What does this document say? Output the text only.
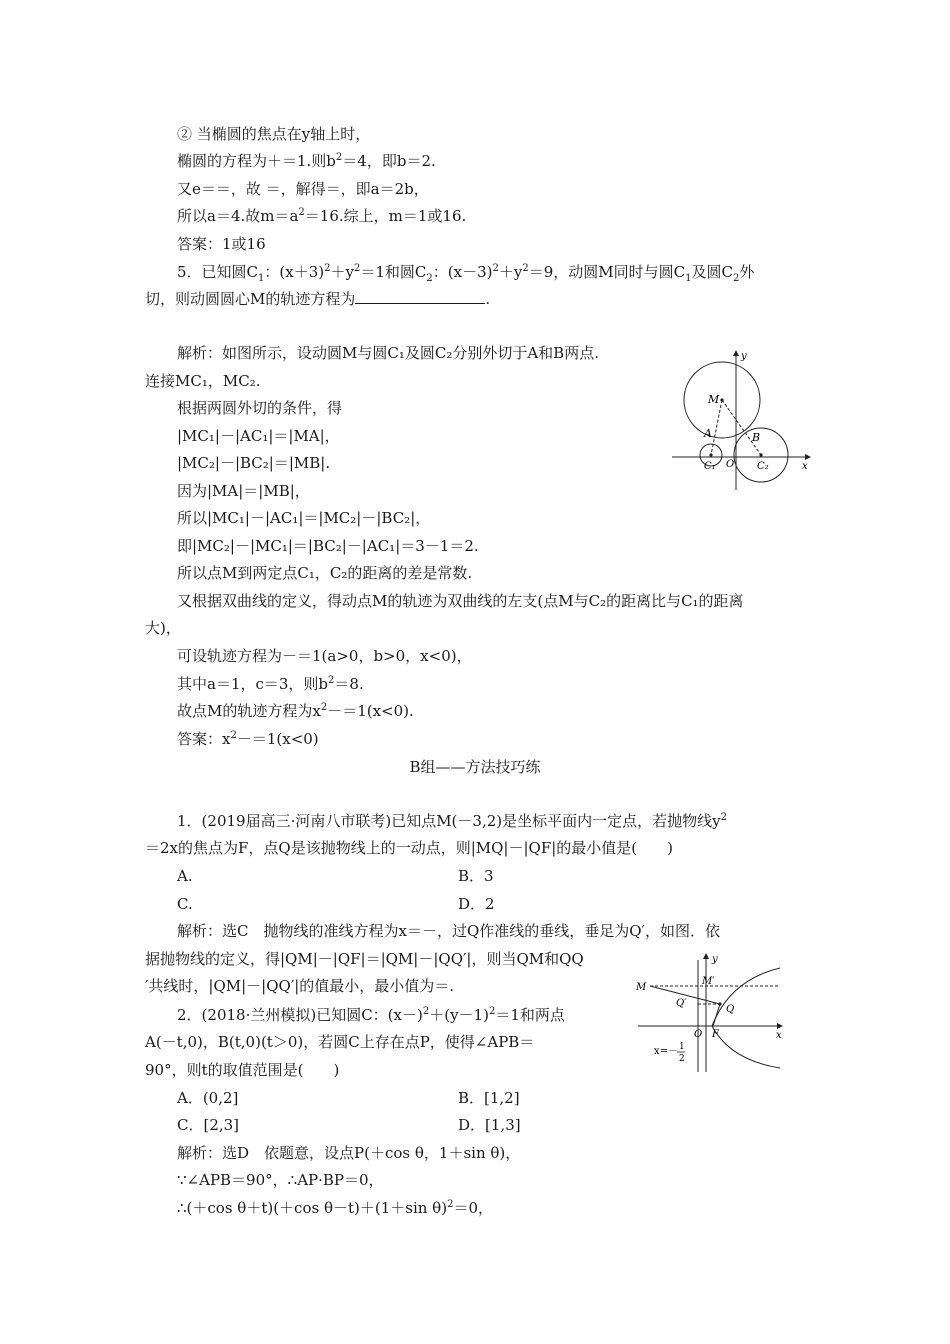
② 当椭圆的焦点在y轴上时，
椭圆的方程为＋＝1.则$b^2=4$，即b＝2.
又e＝＝，故 ＝，解得＝，即a＝2b，
所以a＝4.故$m=a^2=16$.综上，m＝1或16.
答案：1或16
5．已知圆$C_1$：$(x+3)^2+y^2=1$和圆$C_2$：$(x-3)^2+y^2=9$，动圆M同时与圆$C_1$及圆$C_2$外
切，则动圆圆心M的轨迹方程为	.
解析：如图所示，设动圆M与圆C₁及圆C₂分别外切于A和B两点.
连接MC₁，MC₂.
根据两圆外切的条件，得
|MC₁|－|AC₁|＝|MA|，
|MC₂|－|BC₂|＝|MB|.
因为|MA|＝|MB|，
所以|MC₁|－|AC₁|＝|MC₂|－|BC₂|，
即|MC₂|－|MC₁|＝|BC₂|－|AC₁|＝3－1＝2.
所以点M到两定点C₁，C₂的距离的差是常数.
又根据双曲线的定义，得动点M的轨迹为双曲线的左支(点M与C₂的距离比与C₁的距离
大)，
可设轨迹方程为－＝1(a>0，b>0，x<0)，
其中a＝1，c＝3，则$b^2=8$.
故点M的轨迹方程为$x^2-=1(x<0)$.
答案：$x^2-=1(x<0)$
y
x
M
A	B
O
C₁	C₂
B组——方法技巧练
1．(2019届高三·河南八市联考)已知点M(－3,2)是坐标平面内一定点，若抛物线$y^2$
＝2x的焦点为F，点Q是该抛物线上的一动点，则|MQ|－|QF|的最小值是(　　)
A.	B．3
C.	D．2
解析：选C　抛物线的准线方程为x＝－，过Q作准线的垂线，垂足为Q′，如图．依
据抛物线的定义，得|QM|－|QF|＝|QM|－|QQ′|，则当QM和QQ
′共线时，|QM|－|QQ′|的值最小，最小值为＝.
2．(2018·兰州模拟)已知圆C：$(x-)^2+(y-1)^2=1$和两点
A(－t,0)，B(t,0)(t＞0)，若圆C上存在点P，使得∠APB＝
90°，则t的取值范围是(　　)
A．(0,2]	B．[1,2]
C．[2,3]	D．[1,3]
解析：选D　依题意，设点P(＋cos θ，1＋sin θ)，
∵∠APB＝90°，∴AP·BP＝0，
∴(＋cos θ＋t)(＋cos θ－t)＋(1＋sin θ)$^2$＝0，
y
x
M
M′
Q′
Q
O F
x=－ 1
2
